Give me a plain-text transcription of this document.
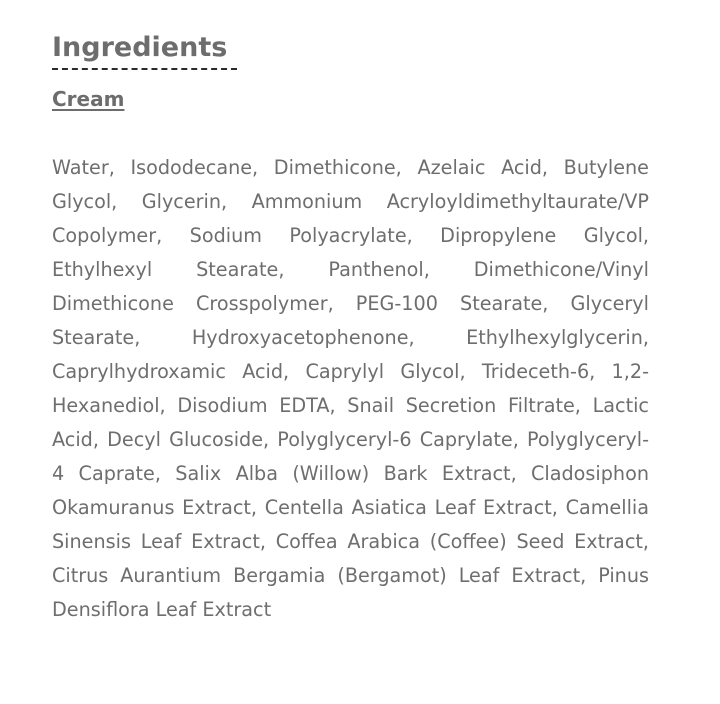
Ingredients
Cream

Water, Isododecane, Dimethicone, Azelaic Acid, Butylene Glycol, Glycerin, Ammonium Acryloyldimethyltaurate/VP Copolymer, Sodium Polyacrylate, Dipropylene Glycol, Ethylhexyl Stearate, Panthenol, Dimethicone/Vinyl Dimethicone Crosspolymer, PEG-100 Stearate, Glyceryl Stearate, Hydroxyacetophenone, Ethylhexylglycerin, Caprylhydroxamic Acid, Caprylyl Glycol, Trideceth-6, 1,2-Hexanediol, Disodium EDTA, Snail Secretion Filtrate, Lactic Acid, Decyl Glucoside, Polyglyceryl-6 Caprylate, Polyglyceryl-4 Caprate, Salix Alba (Willow) Bark Extract, Cladosiphon Okamuranus Extract, Centella Asiatica Leaf Extract, Camellia Sinensis Leaf Extract, Coffea Arabica (Coffee) Seed Extract, Citrus Aurantium Bergamia (Bergamot) Leaf Extract, Pinus Densiflora Leaf Extract
